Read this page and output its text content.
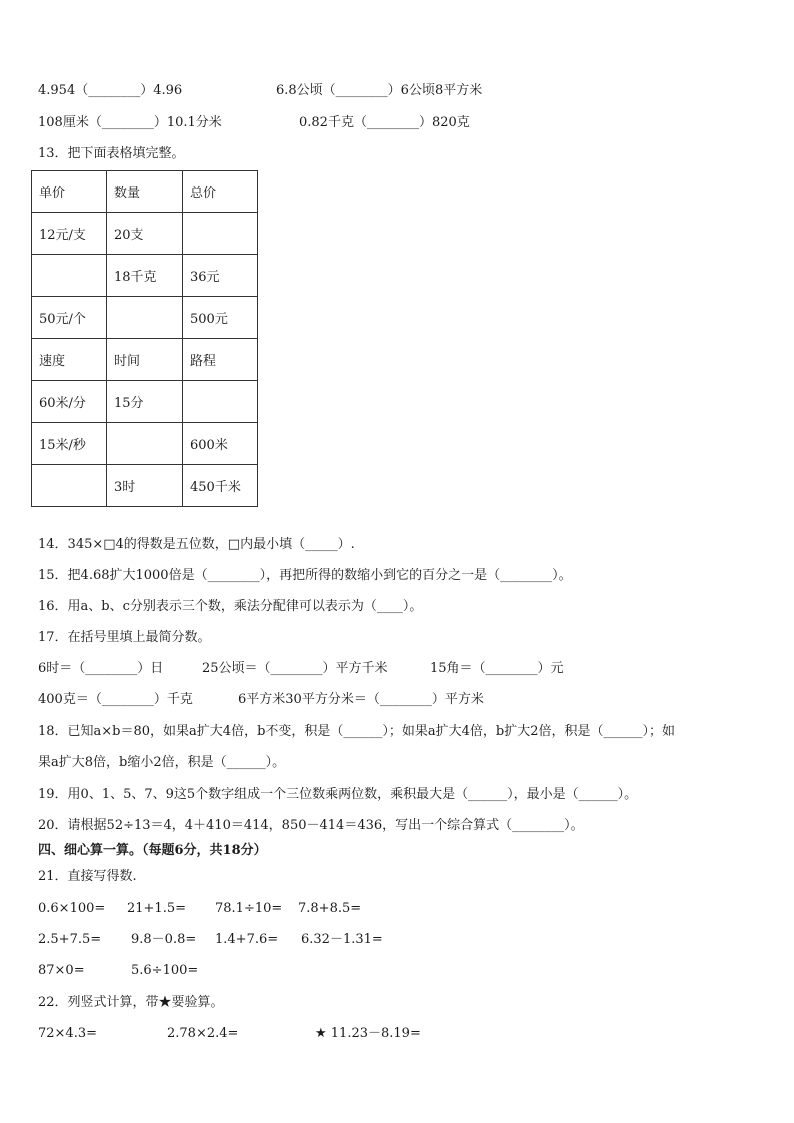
4.954（________）4.96	6.8公顷（________）6公顷8平方米
108厘米（________）10.1分米	0.82千克（________）820克
13．把下面表格填完整。
单价	数量	总价
12元/支	20支	
	18千克	36元
50元/个		500元
速度	时间	路程
60米/分	15分	
15米/秒		600米
	3时	450千米
14．345×□4的得数是五位数，□内最小填（_____）.
15．把4.68扩大1000倍是（________），再把所得的数缩小到它的百分之一是（________）。
16．用a、b、c分别表示三个数，乘法分配律可以表示为（____）。
17．在括号里填上最简分数。
6时＝（________）日	25公顷＝（________）平方千米	15角＝（________）元
400克＝（________）千克	6平方米30平方分米＝（________）平方米
18．已知a×b＝80，如果a扩大4倍，b不变，积是（______）；如果a扩大4倍，b扩大2倍，积是（______）；如
果a扩大8倍，b缩小2倍，积是（______）。
19．用0、1、5、7、9这5个数字组成一个三位数乘两位数，乘积最大是（______），最小是（______）。
20．请根据52÷13＝4，4＋410＝414，850－414＝436，写出一个综合算式（________）。
四、细心算一算。（每题6分，共18分）
21．直接写得数.
0.6×100= 21+1.5= 78.1÷10= 7.8+8.5=
2.5+7.5= 9.8－0.8= 1.4+7.6= 6.32－1.31=
87×0=	5.6÷100=
22．列竖式计算，带★要验算。
72×4.3=	2.78×2.4=	★ 11.23－8.19=
